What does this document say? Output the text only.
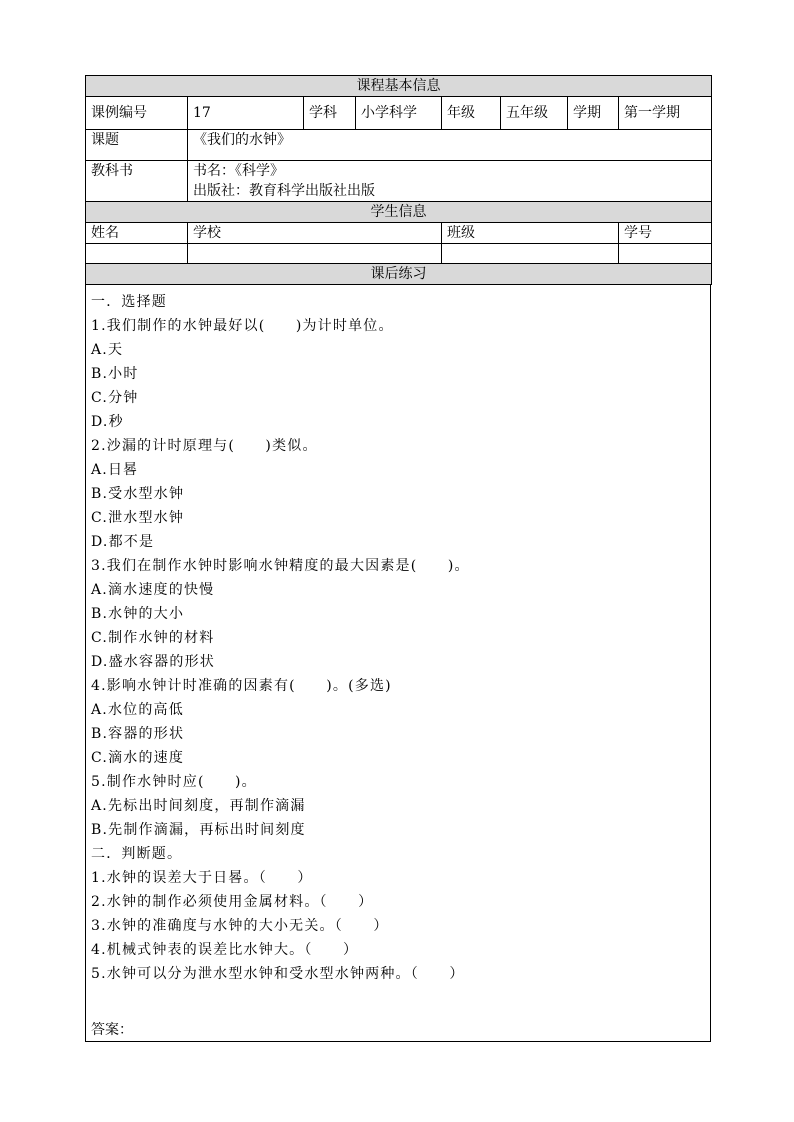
课程基本信息							
课例编号	17	学科	小学科学	年级	五年级	学期	第一学期
课题	《我们的水钟》						
教科书	书名：《科学》
出版社：教育科学出版社出版						

学生信息							
姓名	学校			班级			学号

课后练习							
一．选择题
1.我们制作的水钟最好以(　　)为计时单位。
A.天
B.小时
C.分钟
D.秒
2.沙漏的计时原理与(　　)类似。
A.日晷
B.受水型水钟
C.泄水型水钟
D.都不是
3.我们在制作水钟时影响水钟精度的最大因素是(　　)。
A.滴水速度的快慢
B.水钟的大小
C.制作水钟的材料
D.盛水容器的形状
4.影响水钟计时准确的因素有(　　)。(多选)
A.水位的高低
B.容器的形状
C.滴水的速度
5.制作水钟时应(　　)。
A.先标出时间刻度，再制作滴漏
B.先制作滴漏，再标出时间刻度
二．判断题。
1.水钟的误差大于日晷。（　　）
2.水钟的制作必须使用金属材料。（　　）
3.水钟的准确度与水钟的大小无关。（　　）
4.机械式钟表的误差比水钟大。（　　）
5.水钟可以分为泄水型水钟和受水型水钟两种。（　　）
答案：
